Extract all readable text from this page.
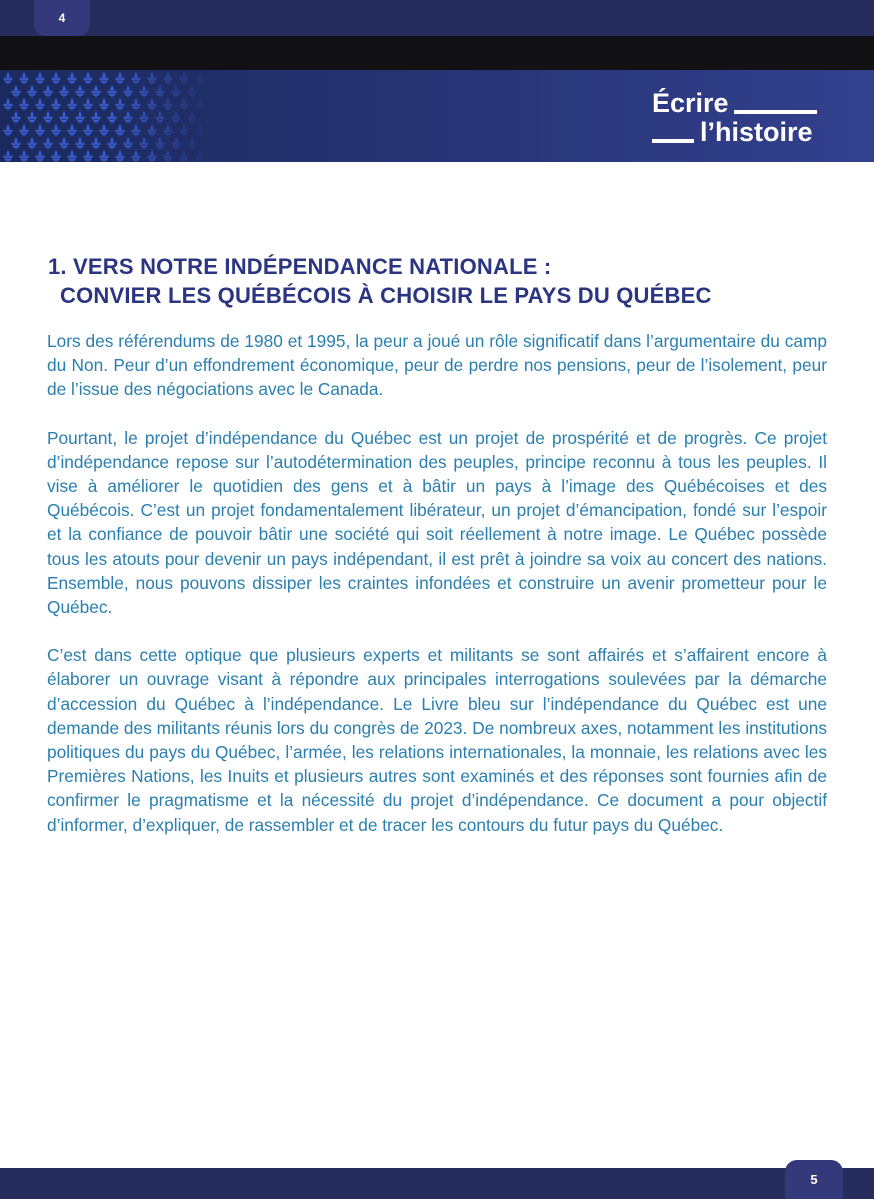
4
Écrire
l’histoire
1. VERS NOTRE INDÉPENDANCE NATIONALE :
CONVIER LES QUÉBÉCOIS À CHOISIR LE PAYS DU QUÉBEC

Lors des référendums de 1980 et 1995, la peur a joué un rôle significatif dans l’argumentaire du camp du Non. Peur d’un effondrement économique, peur de perdre nos pensions, peur de l’isolement, peur de l’issue des négociations avec le Canada.

Pourtant, le projet d’indépendance du Québec est un projet de prospérité et de progrès. Ce projet d’indépendance repose sur l’autodétermination des peuples, principe reconnu à tous les peuples. Il vise à améliorer le quotidien des gens et à bâtir un pays à l’image des Québécoises et des Québécois. C’est un projet fondamentalement libérateur, un projet d’émancipation, fondé sur l’espoir et la confiance de pouvoir bâtir une société qui soit réellement à notre image. Le Québec possède tous les atouts pour devenir un pays indépendant, il est prêt à joindre sa voix au concert des nations. Ensemble, nous pouvons dissiper les craintes infondées et construire un avenir prometteur pour le Québec.

C’est dans cette optique que plusieurs experts et militants se sont affairés et s’affairent encore à élaborer un ouvrage visant à répondre aux principales interrogations soulevées par la démarche d’accession du Québec à l’indépendance. Le Livre bleu sur l’indépendance du Québec est une demande des militants réunis lors du congrès de 2023. De nombreux axes, notamment les institutions politiques du pays du Québec, l’armée, les relations internationales, la monnaie, les relations avec les Premières Nations, les Inuits et plusieurs autres sont examinés et des réponses sont fournies afin de confirmer le pragmatisme et la nécessité du projet d’indépendance. Ce document a pour objectif d’informer, d’expliquer, de rassembler et de tracer les contours du futur pays du Québec.

5
